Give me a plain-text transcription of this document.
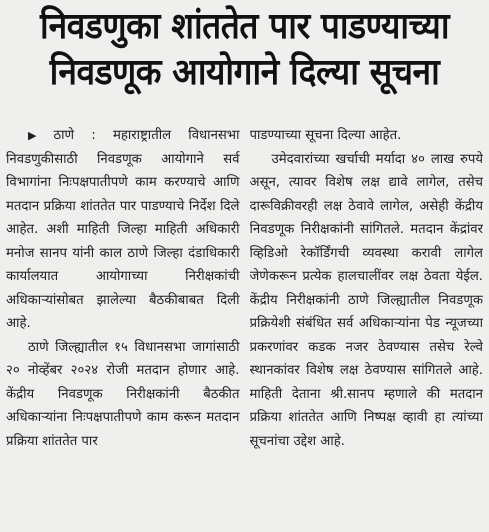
निवडणुका शांततेत पार पाडण्याच्या
निवडणूक आयोगाने दिल्या सूचना

▶ ठाणे : महाराष्ट्रातील विधानसभा निवडणुकीसाठी निवडणूक आयोगाने सर्व विभागांना निःपक्षपातीपणे काम करण्याचे आणि मतदान प्रक्रिया शांततेत पार पाडण्याचे निर्देश दिले आहेत. अशी माहिती जिल्हा माहिती अधिकारी मनोज सानप यांनी काल ठाणे जिल्हा दंडाधिकारी कार्यालयात आयोगाच्या निरीक्षकांची अधिकाऱ्यांसोबत झालेल्या बैठकीबाबत दिली आहे.

ठाणे जिल्ह्यातील १५ विधानसभा जागांसाठी २० नोव्हेंबर २०२४ रोजी मतदान होणार आहे. केंद्रीय निवडणूक निरीक्षकांनी बैठकीत अधिकाऱ्यांना निःपक्षपातीपणे काम करून मतदान प्रक्रिया शांततेत पार

पाडण्याच्या सूचना दिल्या आहेत.

उमेदवारांच्या खर्चाची मर्यादा ४० लाख रुपये असून, त्यावर विशेष लक्ष द्यावे लागेल, तसेच दारूविक्रीवरही लक्ष ठेवावे लागेल, असेही केंद्रीय निवडणूक निरीक्षकांनी सांगितले. मतदान केंद्रांवर व्हिडिओ रेकॉर्डिंगची व्यवस्था करावी लागेल जेणेकरून प्रत्येक हालचालींवर लक्ष ठेवता येईल. केंद्रीय निरीक्षकांनी ठाणे जिल्ह्यातील निवडणूक प्रक्रियेशी संबंधित सर्व अधिकाऱ्यांना पेड न्यूजच्या प्रकरणांवर कडक नजर ठेवण्यास तसेच रेल्वे स्थानकांवर विशेष लक्ष ठेवण्यास सांगितले आहे. माहिती देताना श्री.सानप म्हणाले की मतदान प्रक्रिया शांततेत आणि निष्पक्ष व्हावी हा त्यांच्या सूचनांचा उद्देश आहे.
